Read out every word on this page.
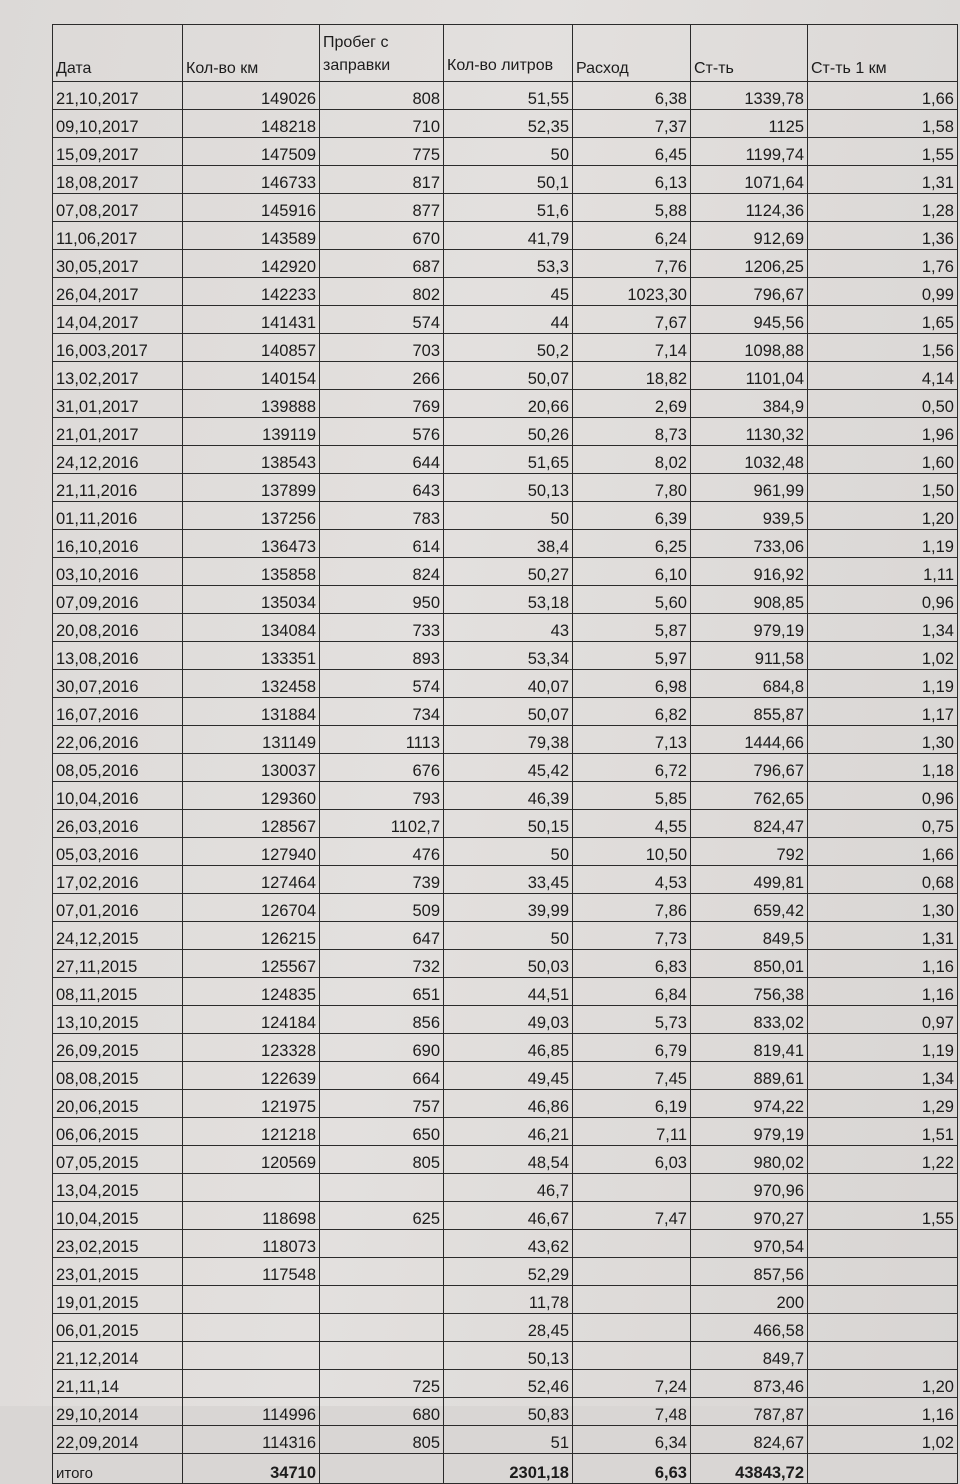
Дата	Кол-во км	Пробег с заправки	Кол-во литров	Расход	Ст-ть	Ст-ть 1 км
21,10,2017	149026	808	51,55	6,38	1339,78	1,66
09,10,2017	148218	710	52,35	7,37	1125	1,58
15,09,2017	147509	775	50	6,45	1199,74	1,55
18,08,2017	146733	817	50,1	6,13	1071,64	1,31
07,08,2017	145916	877	51,6	5,88	1124,36	1,28
11,06,2017	143589	670	41,79	6,24	912,69	1,36
30,05,2017	142920	687	53,3	7,76	1206,25	1,76
26,04,2017	142233	802	45	1023,30	796,67	0,99
14,04,2017	141431	574	44	7,67	945,56	1,65
16,003,2017	140857	703	50,2	7,14	1098,88	1,56
13,02,2017	140154	266	50,07	18,82	1101,04	4,14
31,01,2017	139888	769	20,66	2,69	384,9	0,50
21,01,2017	139119	576	50,26	8,73	1130,32	1,96
24,12,2016	138543	644	51,65	8,02	1032,48	1,60
21,11,2016	137899	643	50,13	7,80	961,99	1,50
01,11,2016	137256	783	50	6,39	939,5	1,20
16,10,2016	136473	614	38,4	6,25	733,06	1,19
03,10,2016	135858	824	50,27	6,10	916,92	1,11
07,09,2016	135034	950	53,18	5,60	908,85	0,96
20,08,2016	134084	733	43	5,87	979,19	1,34
13,08,2016	133351	893	53,34	5,97	911,58	1,02
30,07,2016	132458	574	40,07	6,98	684,8	1,19
16,07,2016	131884	734	50,07	6,82	855,87	1,17
22,06,2016	131149	1113	79,38	7,13	1444,66	1,30
08,05,2016	130037	676	45,42	6,72	796,67	1,18
10,04,2016	129360	793	46,39	5,85	762,65	0,96
26,03,2016	128567	1102,7	50,15	4,55	824,47	0,75
05,03,2016	127940	476	50	10,50	792	1,66
17,02,2016	127464	739	33,45	4,53	499,81	0,68
07,01,2016	126704	509	39,99	7,86	659,42	1,30
24,12,2015	126215	647	50	7,73	849,5	1,31
27,11,2015	125567	732	50,03	6,83	850,01	1,16
08,11,2015	124835	651	44,51	6,84	756,38	1,16
13,10,2015	124184	856	49,03	5,73	833,02	0,97
26,09,2015	123328	690	46,85	6,79	819,41	1,19
08,08,2015	122639	664	49,45	7,45	889,61	1,34
20,06,2015	121975	757	46,86	6,19	974,22	1,29
06,06,2015	121218	650	46,21	7,11	979,19	1,51
07,05,2015	120569	805	48,54	6,03	980,02	1,22
13,04,2015			46,7		970,96	
10,04,2015	118698	625	46,67	7,47	970,27	1,55
23,02,2015	118073		43,62		970,54	
23,01,2015	117548		52,29		857,56	
19,01,2015			11,78		200	
06,01,2015			28,45		466,58	
21,12,2014			50,13		849,7	
21,11,14		725	52,46	7,24	873,46	1,20
29,10,2014	114996	680	50,83	7,48	787,87	1,16
22,09,2014	114316	805	51	6,34	824,67	1,02
итого	34710		2301,18	6,63	43843,72	
